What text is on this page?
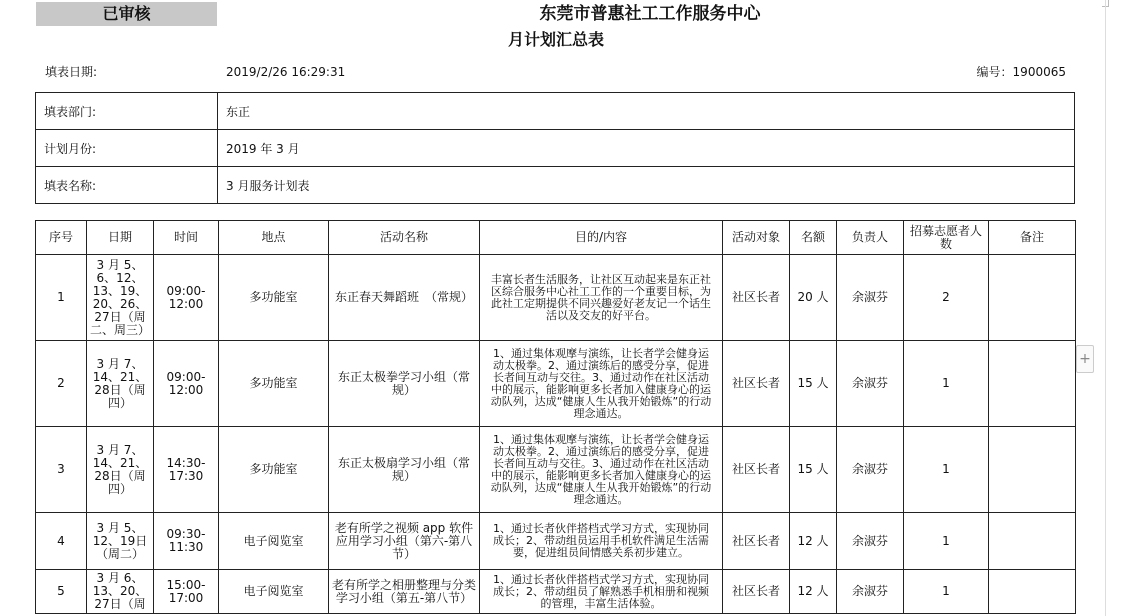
已审核	东莞市普惠社工工作服务中心
月计划汇总表
填表日期:	2019/2/26 16:29:31	编号：1900065
填表部门:	东正
计划月份:	2019 年 3 月
填表名称:	3 月服务计划表
序号	日期	时间	地点	活动名称	目的/内容	活动对象	名额	负责人	招募志愿者人数	备注
1	3 月 5、6、12、13、19、20、26、27日（周二、周三）	09:00-12:00	多功能室	东正春天舞蹈班　（常规）	丰富长者生活服务，让社区互动起来是东正社区综合服务中心社工工作的一个重要目标，为此社工定期提供不同兴趣爱好老友记一个话生活以及交友的好平台。	社区长者	20 人	余淑芬	2	
2	3 月 7、14、21、28日（周四）	09:00-12:00	多功能室	东正太极拳学习小组（常规）	1、通过集体观摩与演练，让长者学会健身运动太极拳。2、通过演练后的感受分享，促进长者间互动与交往。3、通过动作在社区活动中的展示，能影响更多长者加入健康身心的运动队列，达成“健康人生从我开始锻炼”的行动理念通达。	社区长者	15 人	余淑芬	1	
3	3 月 7、14、21、28日（周四）	14:30-17:30	多功能室	东正太极扇学习小组（常规）	1、通过集体观摩与演练，让长者学会健身运动太极拳。2、通过演练后的感受分享，促进长者间互动与交往。3、通过动作在社区活动中的展示，能影响更多长者加入健康身心的运动队列，达成“健康人生从我开始锻炼”的行动理念通达。	社区长者	15 人	余淑芬	1	
4	3 月 5、12、19日（周二）	09:30-11:30	电子阅览室	老有所学之视频 app 软件应用学习小组（第六-第八节）	1、通过长者伙伴搭档式学习方式，实现协同成长；2、带动组员运用手机软件满足生活需要，促进组员间情感关系初步建立。	社区长者	12 人	余淑芬	1	
5	3 月 6、13、20、27日（周	15:00-17:00	电子阅览室	老有所学之相册整理与分类学习小组（第五-第八节）	1、通过长者伙伴搭档式学习方式，实现协同成长；2、带动组员了解熟悉手机相册和视频的管理，丰富生活体验。	社区长者	12 人	余淑芬	1	
+
